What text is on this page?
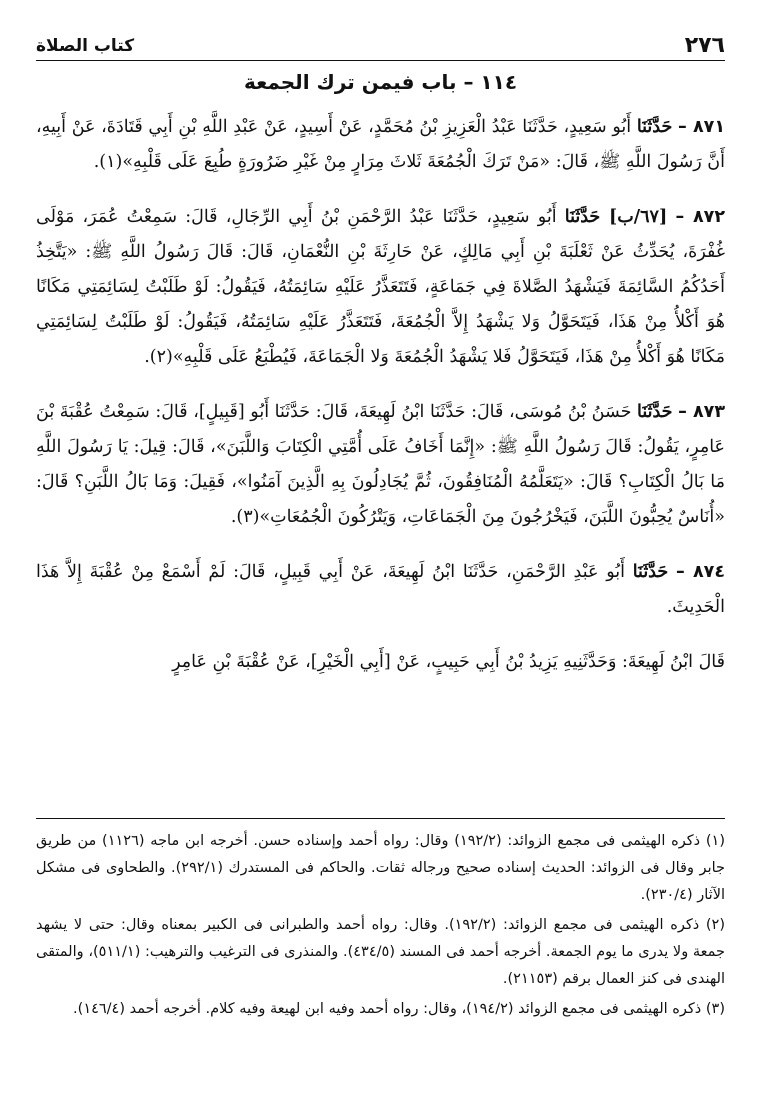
٢٧٦
كتاب الصلاة
١١٤ – باب فيمن ترك الجمعة

٨٧١ – حَدَّثَنَا أَبُو سَعِيدٍ، حَدَّثَنَا عَبْدُ الْعَزِيزِ بْنُ مُحَمَّدٍ، عَنْ أَسِيدٍ، عَنْ عَبْدِ اللَّهِ بْنِ أَبِي قَتَادَةَ، عَنْ أَبِيهِ، أَنَّ رَسُولَ اللَّهِ ﷺ، قَالَ: «مَنْ تَرَكَ الْجُمُعَةَ ثَلاثَ مِرَارٍ مِنْ غَيْرِ ضَرُورَةٍ طُبِعَ عَلَى قَلْبِهِ»(١).

٨٧٢ – [٦٧/ب] حَدَّثَنَا أَبُو سَعِيدٍ، حَدَّثَنَا عَبْدُ الرَّحْمَنِ بْنُ أَبِي الرِّجَالِ، قَالَ: سَمِعْتُ عُمَرَ، مَوْلَى غُفْرَةَ، يُحَدِّثُ عَنْ ثَعْلَبَةَ بْنِ أَبِي مَالِكٍ، عَنْ حَارِثَةَ بْنِ النُّعْمَانِ، قَالَ: قَالَ رَسُولُ اللَّهِ ﷺ: «يَتَّخِذُ أَحَدُكُمُ السَّائِمَةَ فَيَشْهَدُ الصَّلاةَ فِي جَمَاعَةٍ، فَتَتَعَذَّرُ عَلَيْهِ سَائِمَتُهُ، فَيَقُولُ: لَوْ طَلَبْتُ لِسَائِمَتِي مَكَانًا هُوَ أَكْلأُ مِنْ هَذَا، فَيَتَحَوَّلُ وَلا يَشْهَدُ إِلاَّ الْجُمُعَةَ، فَتَتَعَذَّرُ عَلَيْهِ سَائِمَتُهُ، فَيَقُولُ: لَوْ طَلَبْتُ لِسَائِمَتِي مَكَانًا هُوَ أَكْلأُ مِنْ هَذَا، فَيَتَحَوَّلُ فَلا يَشْهَدُ الْجُمُعَةَ وَلا الْجَمَاعَةَ، فَيُطْبَعُ عَلَى قَلْبِهِ»(٢).

٨٧٣ – حَدَّثَنَا حَسَنُ بْنُ مُوسَى، قَالَ: حَدَّثَنَا ابْنُ لَهِيعَةَ، قَالَ: حَدَّثَنَا أَبُو [قَبِيلٍ]، قَالَ: سَمِعْتُ عُقْبَةَ بْنَ عَامِرٍ، يَقُولُ: قَالَ رَسُولُ اللَّهِ ﷺ: «إِنَّمَا أَخَافُ عَلَى أُمَّتِي الْكِتَابَ وَاللَّبَنَ»، قَالَ: قِيلَ: يَا رَسُولَ اللَّهِ مَا بَالُ الْكِتَابِ؟ قَالَ: «يَتَعَلَّمُهُ الْمُنَافِقُونَ، ثُمَّ يُجَادِلُونَ بِهِ الَّذِينَ آمَنُوا»، فَقِيلَ: وَمَا بَالُ اللَّبَنِ؟ قَالَ: «أُنَاسٌ يُحِبُّونَ اللَّبَنَ، فَيَخْرُجُونَ مِنَ الْجَمَاعَاتِ، وَيَتْرُكُونَ الْجُمُعَاتِ»(٣).

٨٧٤ – حَدَّثَنَا أَبُو عَبْدِ الرَّحْمَنِ، حَدَّثَنَا ابْنُ لَهِيعَةَ، عَنْ أَبِي قَبِيلٍ، قَالَ: لَمْ أَسْمَعْ مِنْ عُقْبَةَ إِلاَّ هَذَا الْحَدِيثَ.

قَالَ ابْنُ لَهِيعَةَ: وَحَدَّثَنِيهِ يَزِيدُ بْنُ أَبِي حَبِيبٍ، عَنْ [أَبِي الْخَيْرِ]، عَنْ عُقْبَةَ بْنِ عَامِرٍ

(١) ذكره الهيثمى فى مجمع الزوائد: (١٩٢/٢) وقال: رواه أحمد وإسناده حسن. أخرجه ابن ماجه (١١٢٦) من طريق جابر وقال فى الزوائد: الحديث إسناده صحيح ورجاله ثقات. والحاكم فى المستدرك (٢٩٢/١). والطحاوى فى مشكل الآثار (٢٣٠/٤).

(٢) ذكره الهيثمى فى مجمع الزوائد: (١٩٢/٢). وقال: رواه أحمد والطبرانى فى الكبير بمعناه وقال: حتى لا يشهد جمعة ولا يدرى ما يوم الجمعة. أخرجه أحمد فى المسند (٤٣٤/٥). والمنذرى فى الترغيب والترهيب: (٥١١/١)، والمتقى الهندى فى كنز العمال برقم (٢١١٥٣).

(٣) ذكره الهيثمى فى مجمع الزوائد (١٩٤/٢)، وقال: رواه أحمد وفيه ابن لهيعة وفيه كلام. أخرجه أحمد (١٤٦/٤).
